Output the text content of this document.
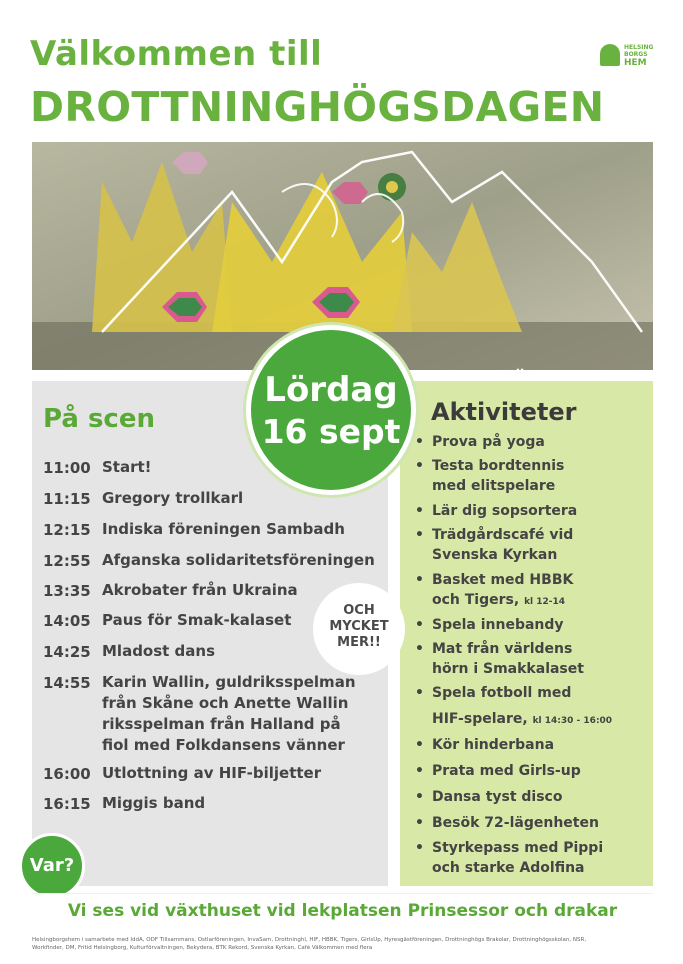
Välkommen till
DROTTNINGHÖGSDAGEN
HELSING
BORGS
HEM
Lördag
16 sept
På scen
11:00 Start!
11:15 Gregory trollkarl
12:15 Indiska föreningen Sambadh
12:55 Afganska solidaritetsföreningen
13:35 Akrobater från Ukraina
14:05 Paus för Smak-kalaset
14:25 Mladost dans
14:55 Karin Wallin, guldriksspelman
från Skåne och Anette Wallin
riksspelman från Halland på
fiol med Folkdansens vänner
16:00 Utlottning av HIF-biljetter
16:15 Miggis band
OCH
MYCKET
MER!!
Aktiviteter
• Prova på yoga
• Testa bordtennis
med elitspelare
• Lär dig sopsortera
• Trädgårdscafé vid
Svenska Kyrkan
• Basket med HBBK
och Tigers, kl 12-14
• Spela innebandy
• Mat från världens
hörn i Smakkalaset
• Spela fotboll med
HIF-spelare, kl 14:30 - 16:00
• Kör hinderbana
• Prata med Girls-up
• Dansa tyst disco
• Besök 72-lägenheten
• Styrkepass med Pippi
och starke Adolfina
Var?
Vi ses vid växthuset vid lekplatsen Prinsessor och drakar
Helsingborgshem i samarbete med IddA, ODF Tillsammans, Ostlarföreningen, InvaSam, Drottninghl, HIF, HBBK, Tigers, GirlsUp, Hyresgästföreningen, Drottninghögs Brakolar, Drottninghögsskolan, NSR,
Workfinder, DM, Fritid Helsingborg, Kulturförvaltningen, Bekydera, BTK Rekord, Svenska Kyrkan, Café Välkommen med flera
